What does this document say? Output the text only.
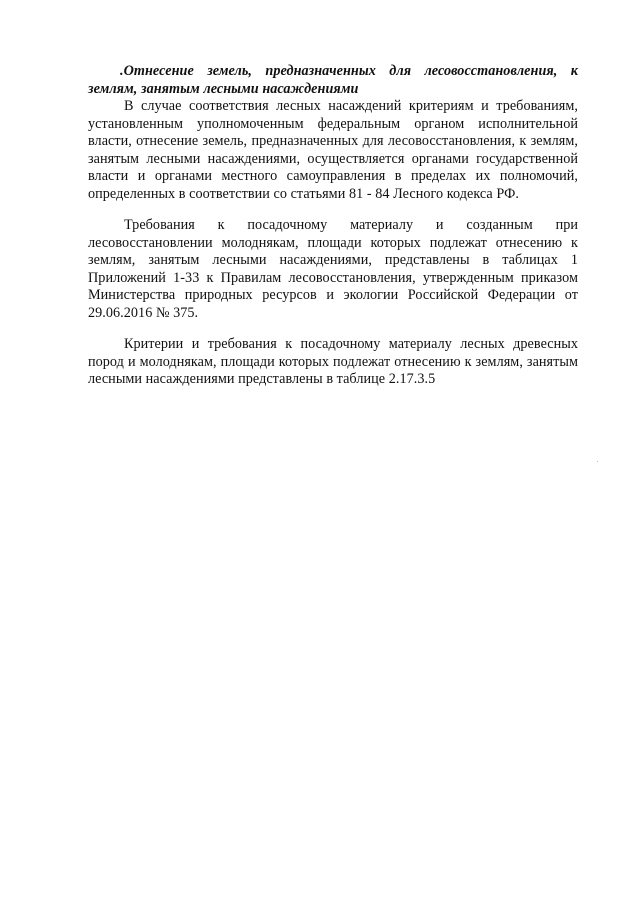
.Отнесение земель, предназначенных для лесовосстановления, к землям, занятым лесными насаждениями

В случае соответствия лесных насаждений критериям и требованиям, установленным уполномоченным федеральным органом исполнительной власти, отнесение земель, предназначенных для лесовосстановления, к землям, занятым лесными насаждениями, осуществляется органами государственной власти и органами местного самоуправления в пределах их полномочий, определенных в соответствии со статьями 81 - 84 Лесного кодекса РФ.

Требования к посадочному материалу и созданным при лесовосстановлении молоднякам, площади которых подлежат отнесению к землям, занятым лесными насаждениями, представлены в таблицах 1 Приложений 1-33 к Правилам лесовосстановления, утвержденным приказом Министерства природных ресурсов и экологии Российской Федерации от 29.06.2016 № 375.

Критерии и требования к посадочному материалу лесных древесных пород и молоднякам, площади которых подлежат отнесению к землям, занятым лесными насаждениями представлены в таблице 2.17.3.5
